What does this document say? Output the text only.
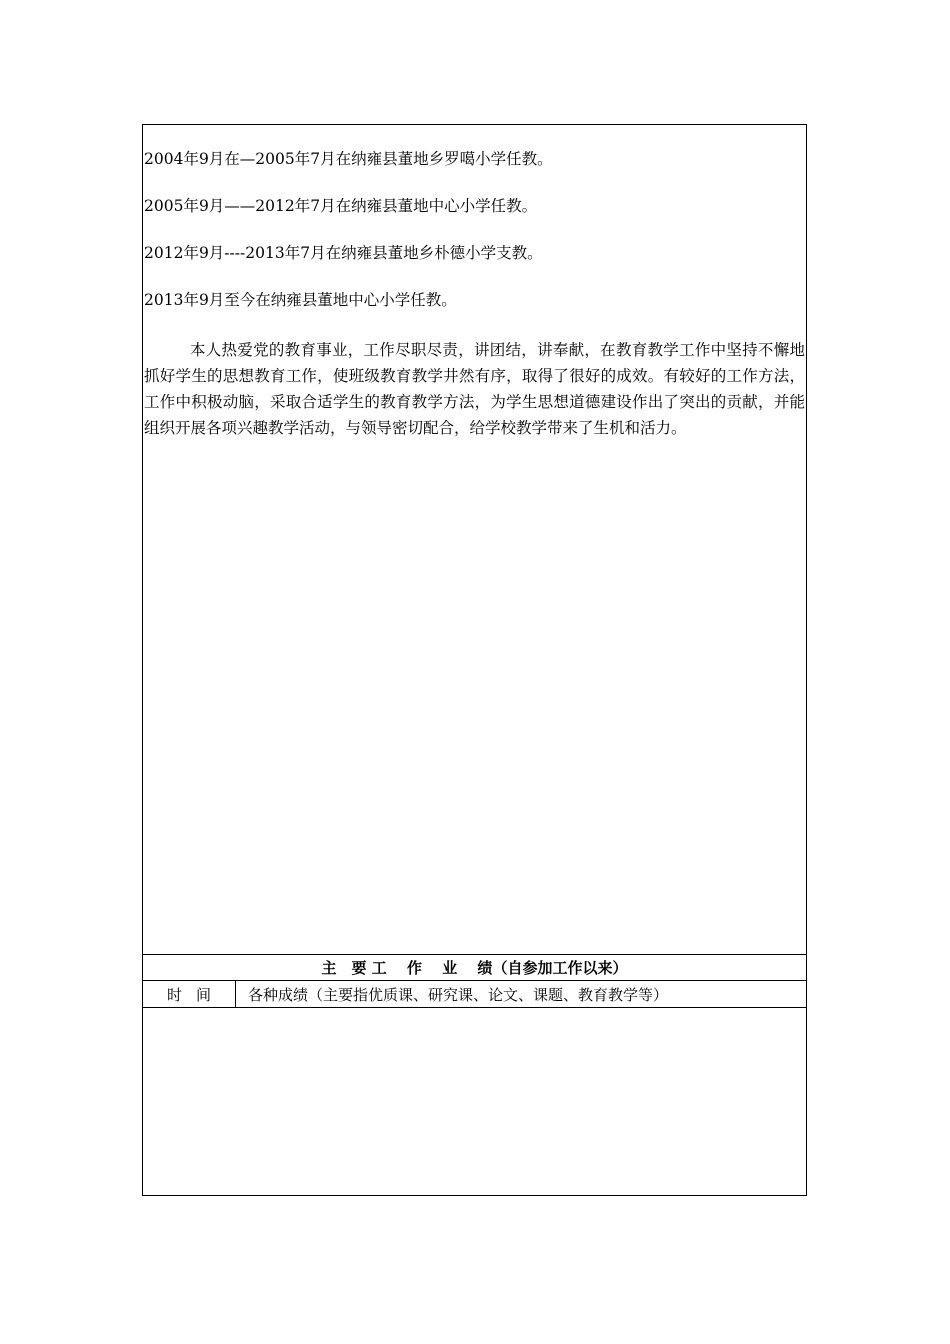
2004年9月在—2005年7月在纳雍县董地乡罗噶小学任教。
2005年9月——2012年7月在纳雍县董地中心小学任教。
2012年9月----2013年7月在纳雍县董地乡朴德小学支教。
2013年9月至今在纳雍县董地中心小学任教。
本人热爱党的教育事业，工作尽职尽责，讲团结，讲奉献，在教育教学工作中坚持不懈地抓好学生的思想教育工作，使班级教育教学井然有序，取得了很好的成效。有较好的工作方法，工作中积极动脑，采取合适学生的教育教学方法，为学生思想道德建设作出了突出的贡献，并能组织开展各项兴趣教学活动，与领导密切配合，给学校教学带来了生机和活力。
主　要 工　 作 　业　 绩 （自参加工作以来）
时间	各种成绩（主要指优质课、研究课、论文、课题、教育教学等）
